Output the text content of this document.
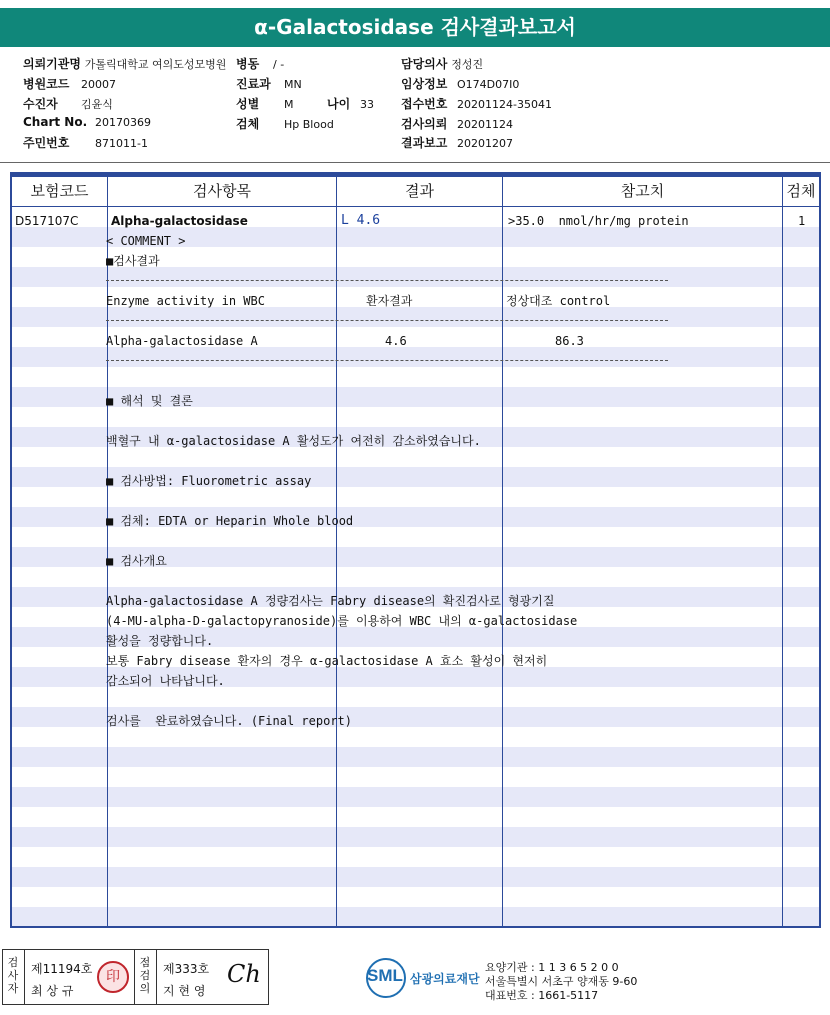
α-Galactosidase 검사결과보고서
의뢰기관명 가톨릭대학교 여의도성모병원 병동 / -	담당의사 정성진
병원코드 20007	진료과 MN	임상정보 O174D07I0
수진자 김윤식	성별 M	나이 33 접수번호 20201124-35041
Chart No. 20170369	검체 Hp Blood	검사의뢰 20201124
주민번호 871011-1	결과보고 20201207
보험코드	검사항목	결과	참고치	검체
D517107C	Alpha-galactosidase	L 4.6	>35.0  nmol/hr/mg protein	1
< COMMENT >
■검사결과
Enzyme activity in WBC	환자결과	정상대조 control
Alpha-galactosidase A	4.6	86.3
■ 해석 및 결론
백혈구 내 α-galactosidase A 활성도가 여전히 감소하였습니다.
■ 검사방법: Fluorometric assay
■ 검체: EDTA or Heparin Whole blood
■ 검사개요
Alpha-galactosidase A 정량검사는 Fabry disease의 확진검사로 형광기질
(4-MU-alpha-D-galactopyranoside)를 이용하여 WBC 내의 α-galactosidase
활성을 정량합니다.
보통 Fabry disease 환자의 경우 α-galactosidase A 효소 활성이 현저히
감소되어 나타납니다.
검사를  완료하였습니다. (Final report)
검
사
자
제11194호
최 상 규
印
점
검
의
제333호
지 현 영
Ch	SML 삼광의료재단
요양기관 : 1 1 3 6 5 2 0 0
서울특별시 서초구 양재동 9-60
대표번호 : 1661-5117
